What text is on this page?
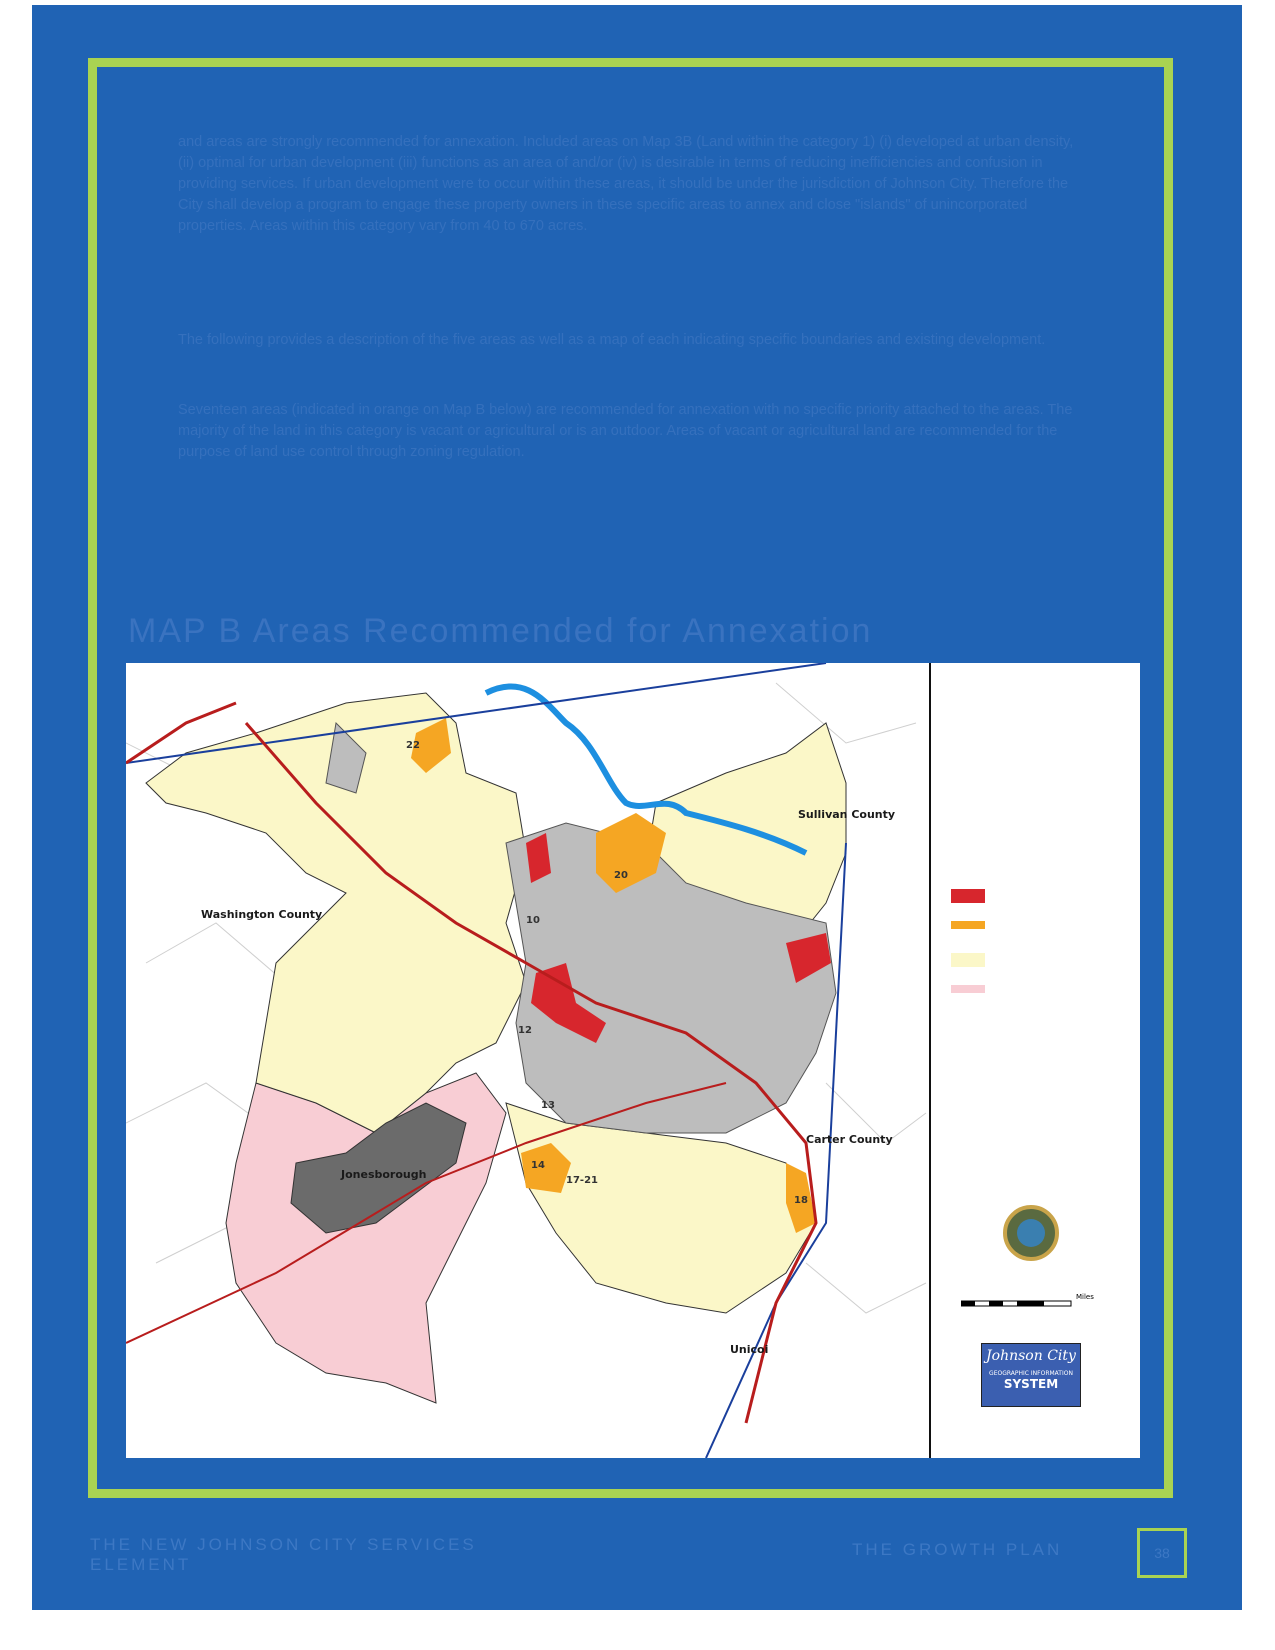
and areas are strongly recommended for annexation. Included areas on Map 3B (Land within the category 1) (i) developed at urban density, (ii) optimal for urban development (iii) functions as an area of and/or (iv) is desirable in terms of reducing inefficiencies and confusion in providing services. If urban development were to occur within these areas, it should be under the jurisdiction of Johnson City. Therefore the City shall develop a program to engage these property owners in these specific areas to annex and close "islands" of unincorporated properties. Areas within this category vary from 40 to 670 acres.
The following provides a description of the five areas as well as a map of each indicating specific boundaries and existing development.
Seventeen areas (indicated in orange on Map B below) are recommended for annexation with no specific priority attached to the areas. The majority of the land in this category is vacant or agricultural or is an outdoor. Areas of vacant or agricultural land are recommended for the purpose of land use control through zoning regulation.
MAP B Areas Recommended for Annexation
Washington County
Sullivan County
Carter County
Unicoi
Jonesborough
20
22
14
18
10
12
13
17-21
Miles
Johnson City
GEOGRAPHIC INFORMATION
SYSTEM
THE NEW JOHNSON CITY SERVICES
ELEMENT
THE GROWTH PLAN	38
